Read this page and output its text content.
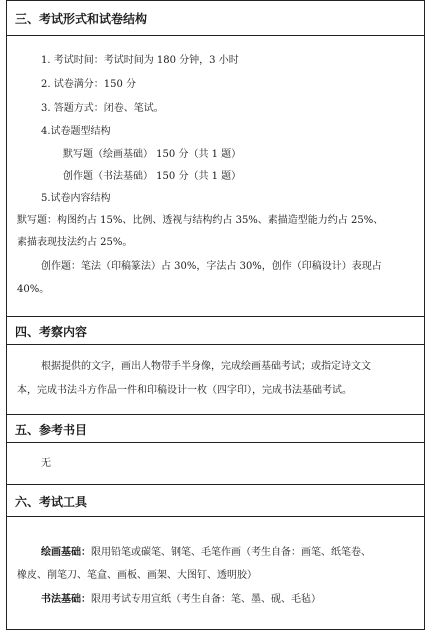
三、考试形式和试卷结构
1. 考试时间：考试时间为 180 分钟，3 小时
2. 试卷满分：150 分
3. 答题方式：闭卷、笔试。
4.试卷题型结构
默写题（绘画基础） 150 分（共 1 题）
创作题（书法基础） 150 分（共 1 题）
5.试卷内容结构
默写题：构图约占 15%、比例、透视与结构约占 35%、素描造型能力约占 25%、
素描表现技法约占 25%。
创作题：笔法（印稿篆法）占 30%，字法占 30%，创作（印稿设计）表现占
40%。
四、考察内容
根据提供的文字，画出人物带手半身像，完成绘画基础考试；或指定诗文文
本，完成书法斗方作品一件和印稿设计一枚（四字印），完成书法基础考试。
五、参考书目
无
六、考试工具
绘画基础：限用铅笔或碳笔、钢笔、毛笔作画（考生自备：画笔、纸笔卷、
橡皮、削笔刀、笔盒、画板、画架、大图钉、透明胶）
书法基础：限用考试专用宣纸（考生自备：笔、墨、砚、毛毡）
